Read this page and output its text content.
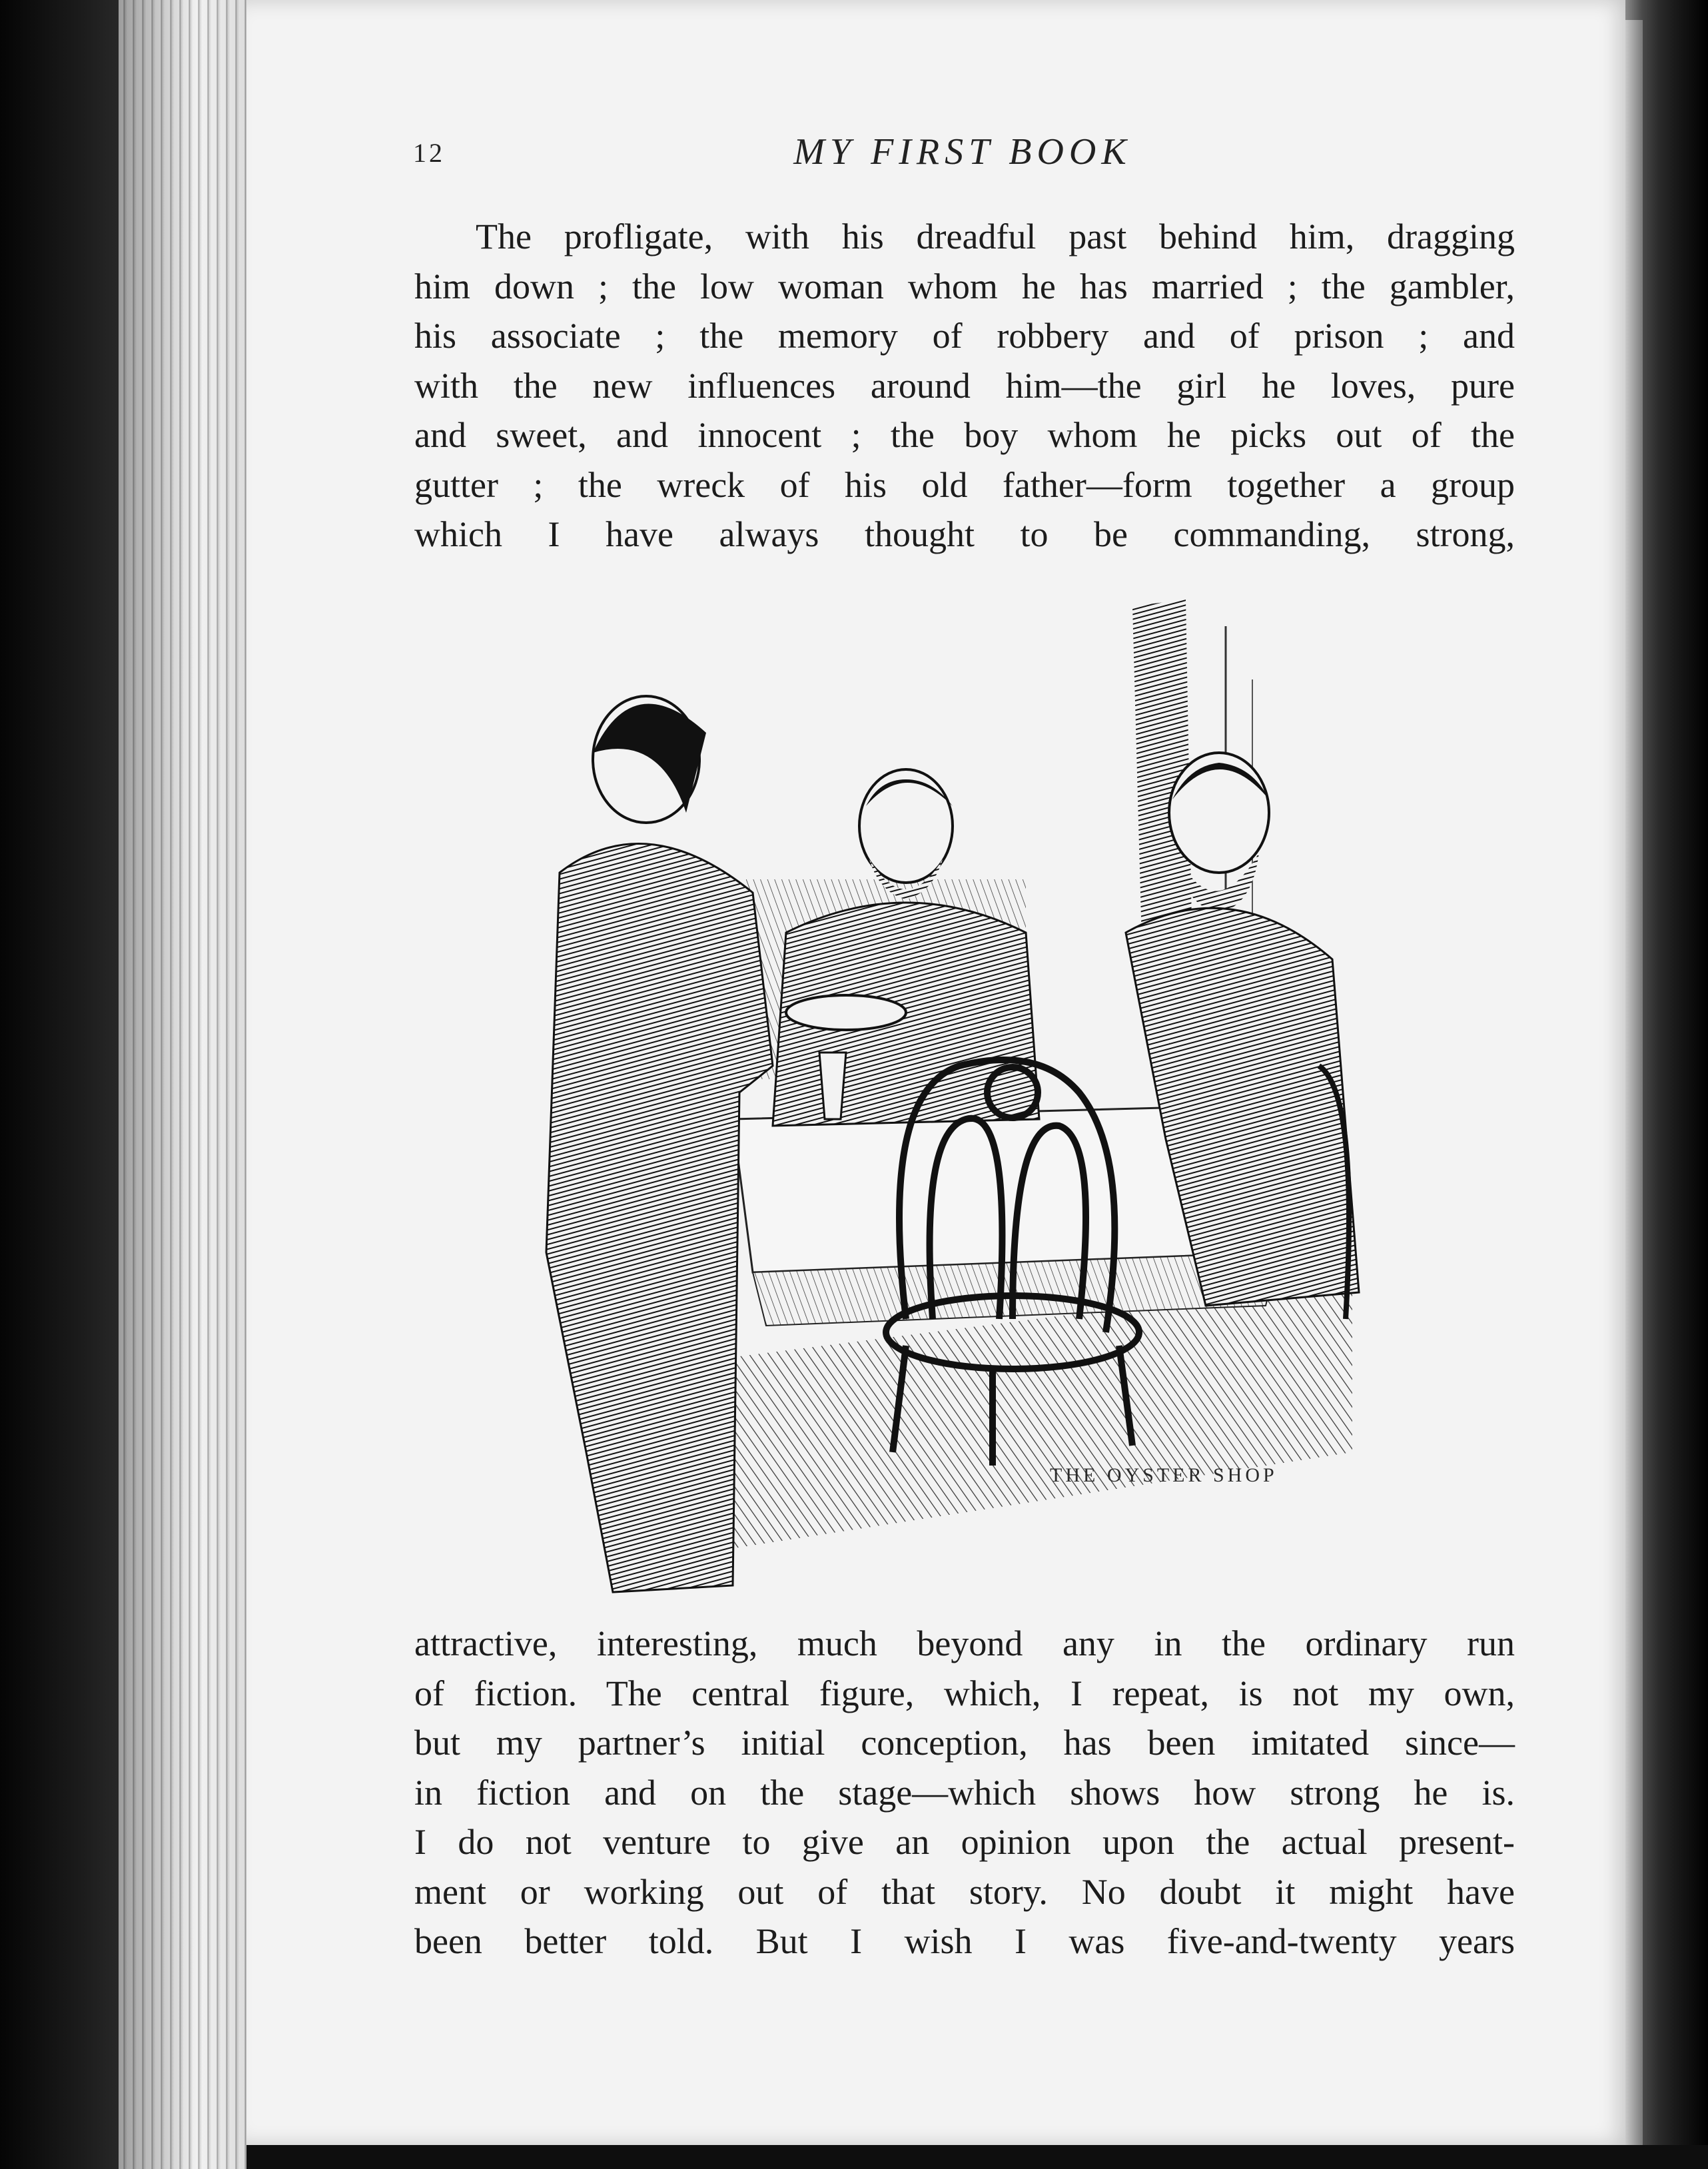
12	MY FIRST BOOK
The profligate, with his dreadful past behind him, dragging
him down ; the low woman whom he has married ; the gambler,
his associate ; the memory of robbery and of prison ; and
with the new influences around him—the girl he loves, pure
and sweet, and innocent ; the boy whom he picks out of the
gutter ; the wreck of his old father—form together a group
which I have always thought to be commanding, strong,
THE OYSTER SHOP
attractive, interesting, much beyond any in the ordinary run
of fiction. The central figure, which, I repeat, is not my own,
but my partner’s initial conception, has been imitated since—
in fiction and on the stage—which shows how strong he is.
I do not venture to give an opinion upon the actual present-
ment or working out of that story. No doubt it might have
been better told. But I wish I was five-and-twenty years
